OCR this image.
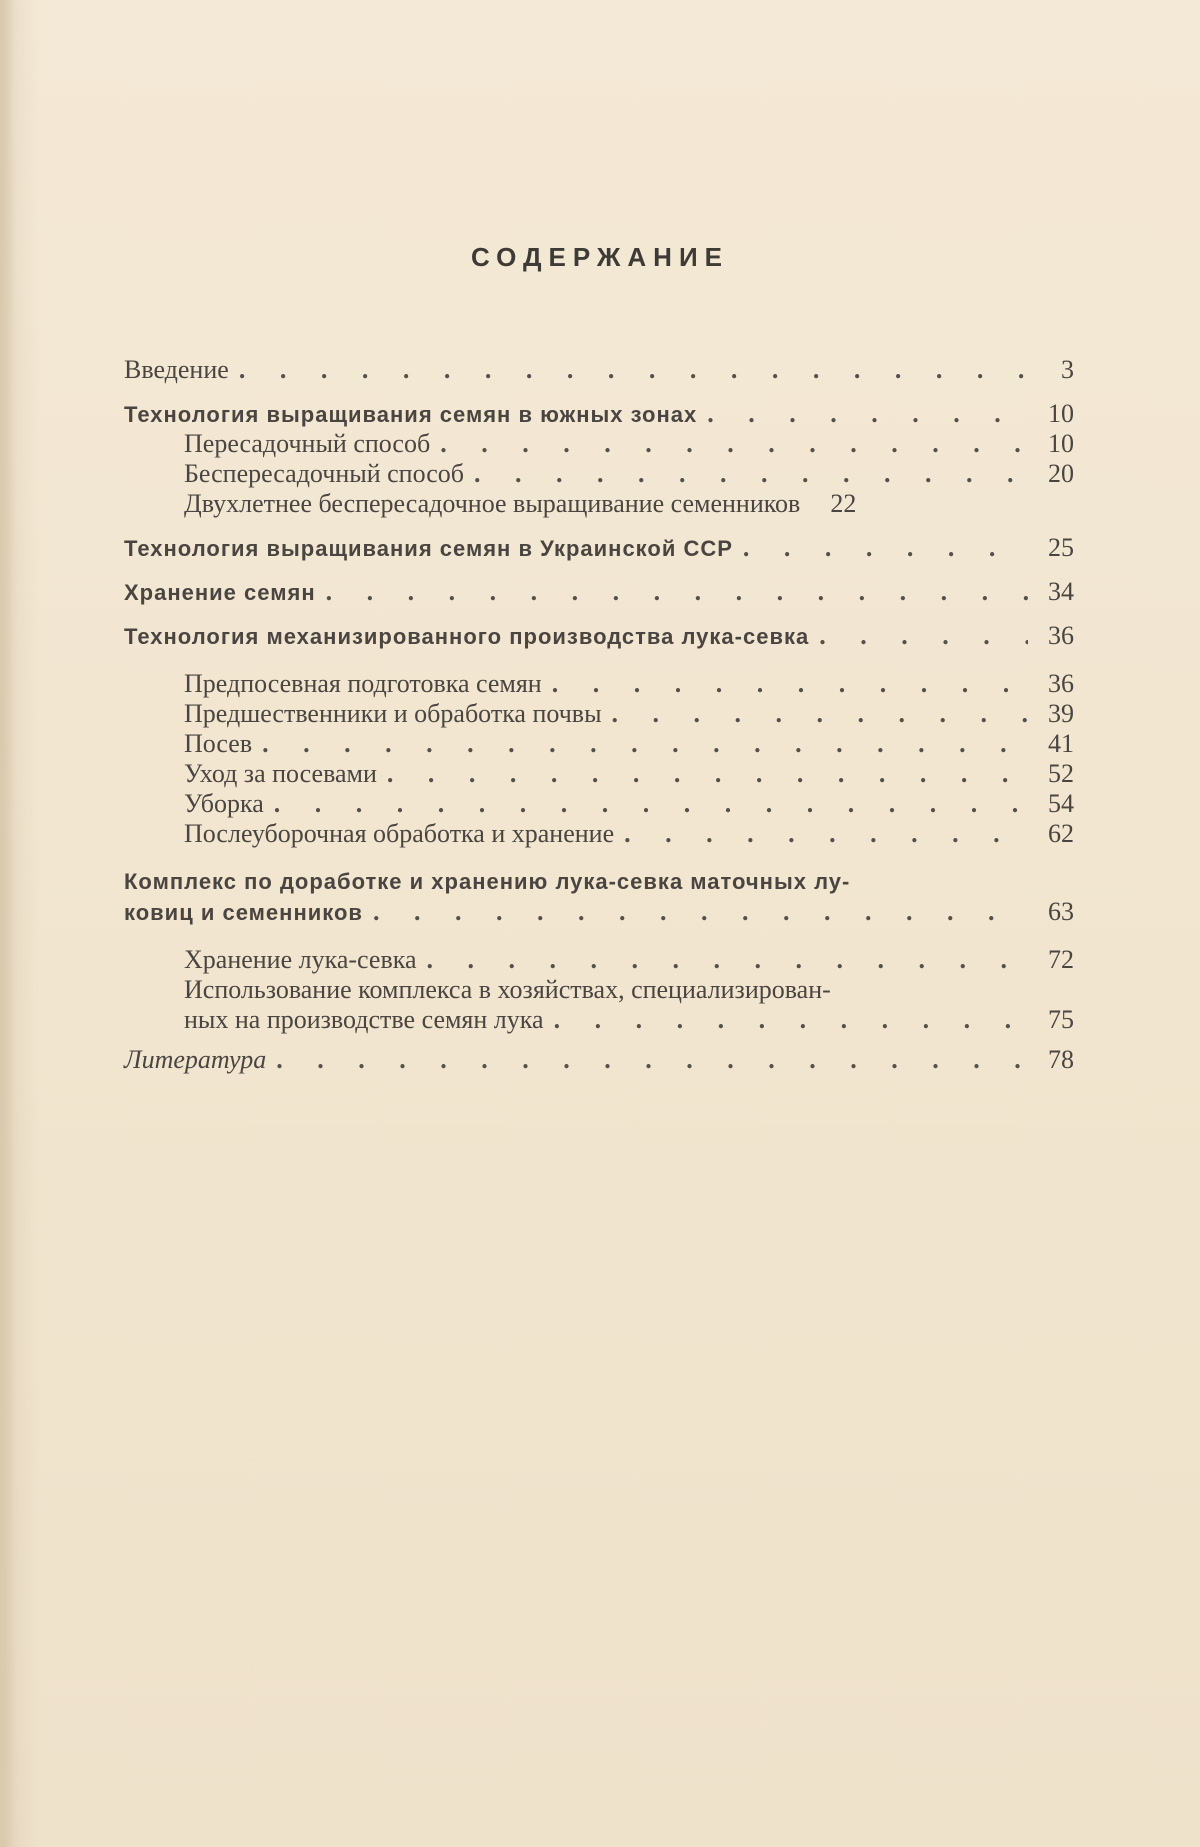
СОДЕРЖАНИЕ
Введение . . .	3
Технология выращивания семян в южных зонах . . .	10
Пересадочный способ . . .	10
Беспересадочный способ . . .	20
Двухлетнее беспересадочное выращивание семенников	22
Технология выращивания семян в Украинской ССР . . .	25
Хранение семян . . .	34
Технология механизированного производства лука-севка . . .	36
Предпосевная подготовка семян . . .	36
Предшественники и обработка почвы . . .	39
Посев . . .	41
Уход за посевами . . .	52
Уборка . . .	54
Послеуборочная обработка и хранение . . .	62
Комплекс по доработке и хранению лука-севка маточных лу-
ковиц и семенников . . .	63
Хранение лука-севка . . .	72
Использование комплекса в хозяйствах, специализирован-
ных на производстве семян лука . . .	75
Литература . . .	78
